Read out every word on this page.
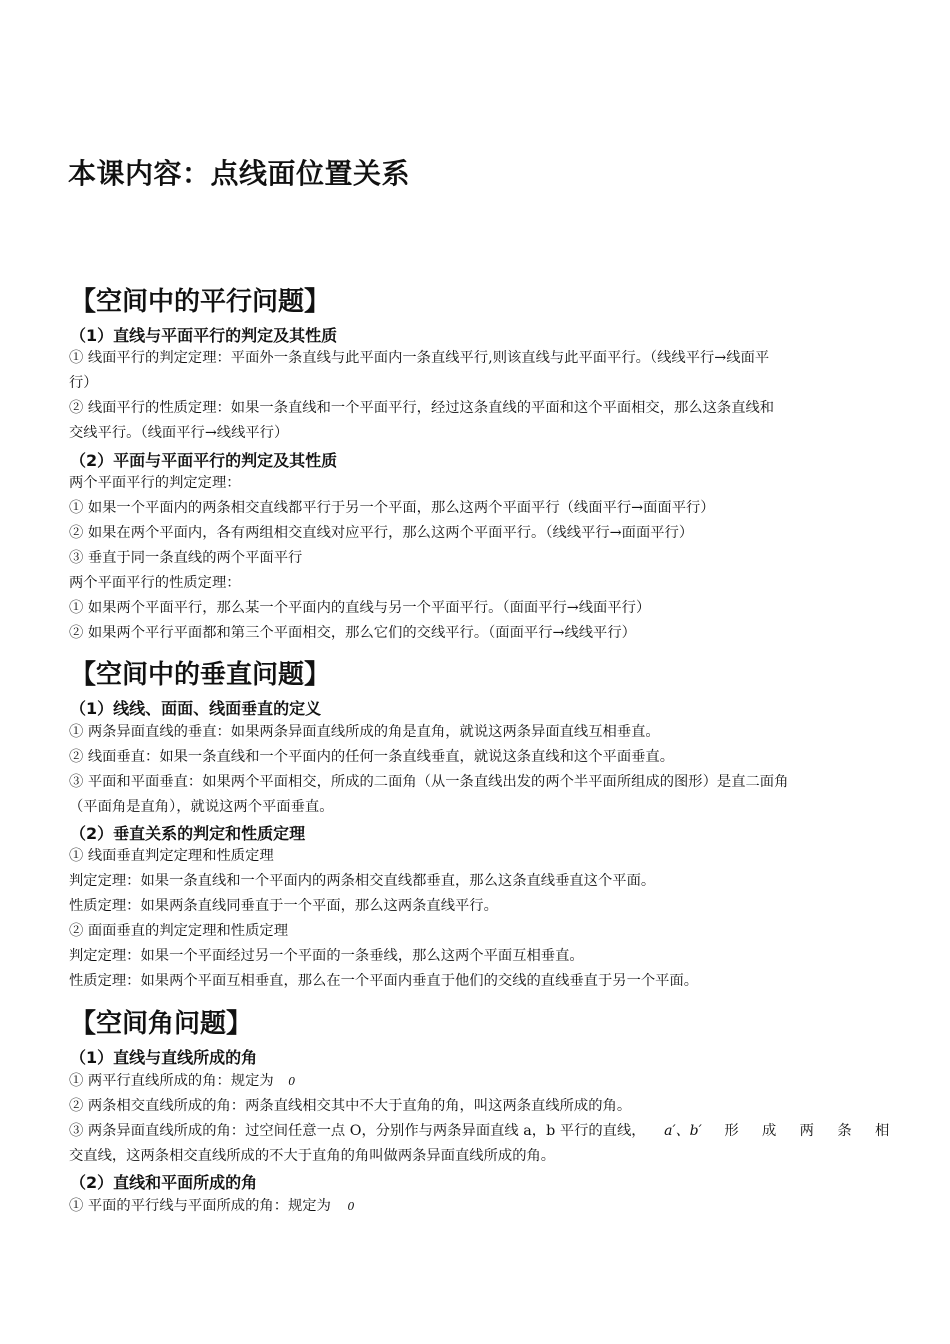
本课内容：点线面位置关系
【空间中的平行问题】
（1）直线与平面平行的判定及其性质
① 线面平行的判定定理：平面外一条直线与此平面内一条直线平行,则该直线与此平面平行。（线线平行→线面平
行）
② 线面平行的性质定理：如果一条直线和一个平面平行，经过这条直线的平面和这个平面相交，那么这条直线和
交线平行。（线面平行→线线平行）
（2）平面与平面平行的判定及其性质
两个平面平行的判定定理：
① 如果一个平面内的两条相交直线都平行于另一个平面，那么这两个平面平行（线面平行→面面平行）
② 如果在两个平面内，各有两组相交直线对应平行，那么这两个平面平行。（线线平行→面面平行）
③ 垂直于同一条直线的两个平面平行
两个平面平行的性质定理：
① 如果两个平面平行，那么某一个平面内的直线与另一个平面平行。（面面平行→线面平行）
② 如果两个平行平面都和第三个平面相交，那么它们的交线平行。（面面平行→线线平行）
【空间中的垂直问题】
（1）线线、面面、线面垂直的定义
① 两条异面直线的垂直：如果两条异面直线所成的角是直角，就说这两条异面直线互相垂直。
② 线面垂直：如果一条直线和一个平面内的任何一条直线垂直，就说这条直线和这个平面垂直。
③ 平面和平面垂直：如果两个平面相交，所成的二面角（从一条直线出发的两个半平面所组成的图形）是直二面角
（平面角是直角），就说这两个平面垂直。
（2）垂直关系的判定和性质定理
① 线面垂直判定定理和性质定理
判定定理：如果一条直线和一个平面内的两条相交直线都垂直，那么这条直线垂直这个平面。
性质定理：如果两条直线同垂直于一个平面，那么这两条直线平行。
② 面面垂直的判定定理和性质定理
判定定理：如果一个平面经过另一个平面的一条垂线，那么这两个平面互相垂直。
性质定理：如果两个平面互相垂直，那么在一个平面内垂直于他们的交线的直线垂直于另一个平面。
【空间角问题】
（1）直线与直线所成的角
① 两平行直线所成的角：规定为 0
② 两条相交直线所成的角：两条直线相交其中不大于直角的角，叫这两条直线所成的角。
③ 两条异面直线所成的角：过空间任意一点 O，分别作与两条异面直线 a，b 平行的直线， a′、b′ 形成两条相
交直线，这两条相交直线所成的不大于直角的角叫做两条异面直线所成的角。
（2）直线和平面所成的角
① 平面的平行线与平面所成的角：规定为 0
